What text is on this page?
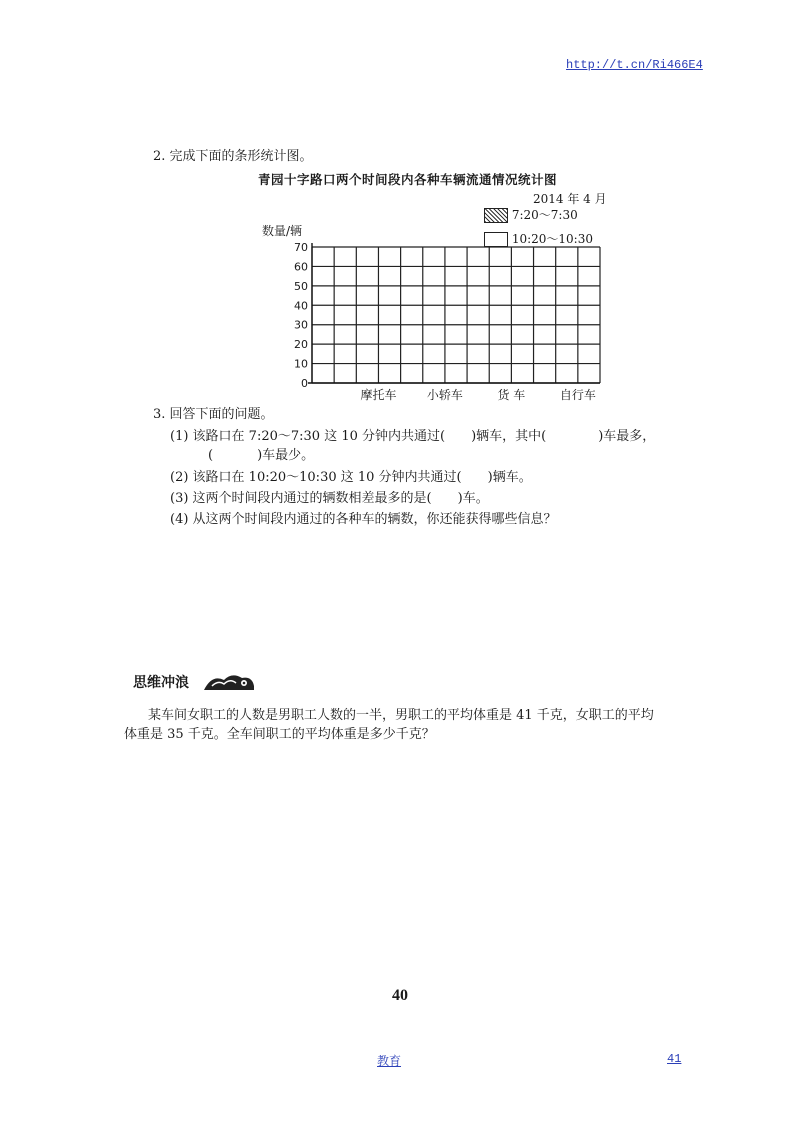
http://t.cn/Ri466E4
2. 完成下面的条形统计图。
青园十字路口两个时间段内各种车辆流通情况统计图
2014 年 4 月
7:20～7:30
10:20～10:30
数量/辆
0
10
20
30
40
50
60
70
摩托车	小轿车	货 车	自行车
3. 回答下面的问题。
(1) 该路口在 7:20～7:30 这 10 分钟内共通过( )辆车，其中(	)车最多，
(	)车最少。
(2) 该路口在 10:20～10:30 这 10 分钟内共通过( )辆车。
(3) 这两个时间段内通过的辆数相差最多的是( )车。
(4) 从这两个时间段内通过的各种车的辆数，你还能获得哪些信息？
思维冲浪
某车间女职工的人数是男职工人数的一半，男职工的平均体重是 41 千克，女职工的平均
体重是 35 千克。全车间职工的平均体重是多少千克？
40
教育	41
